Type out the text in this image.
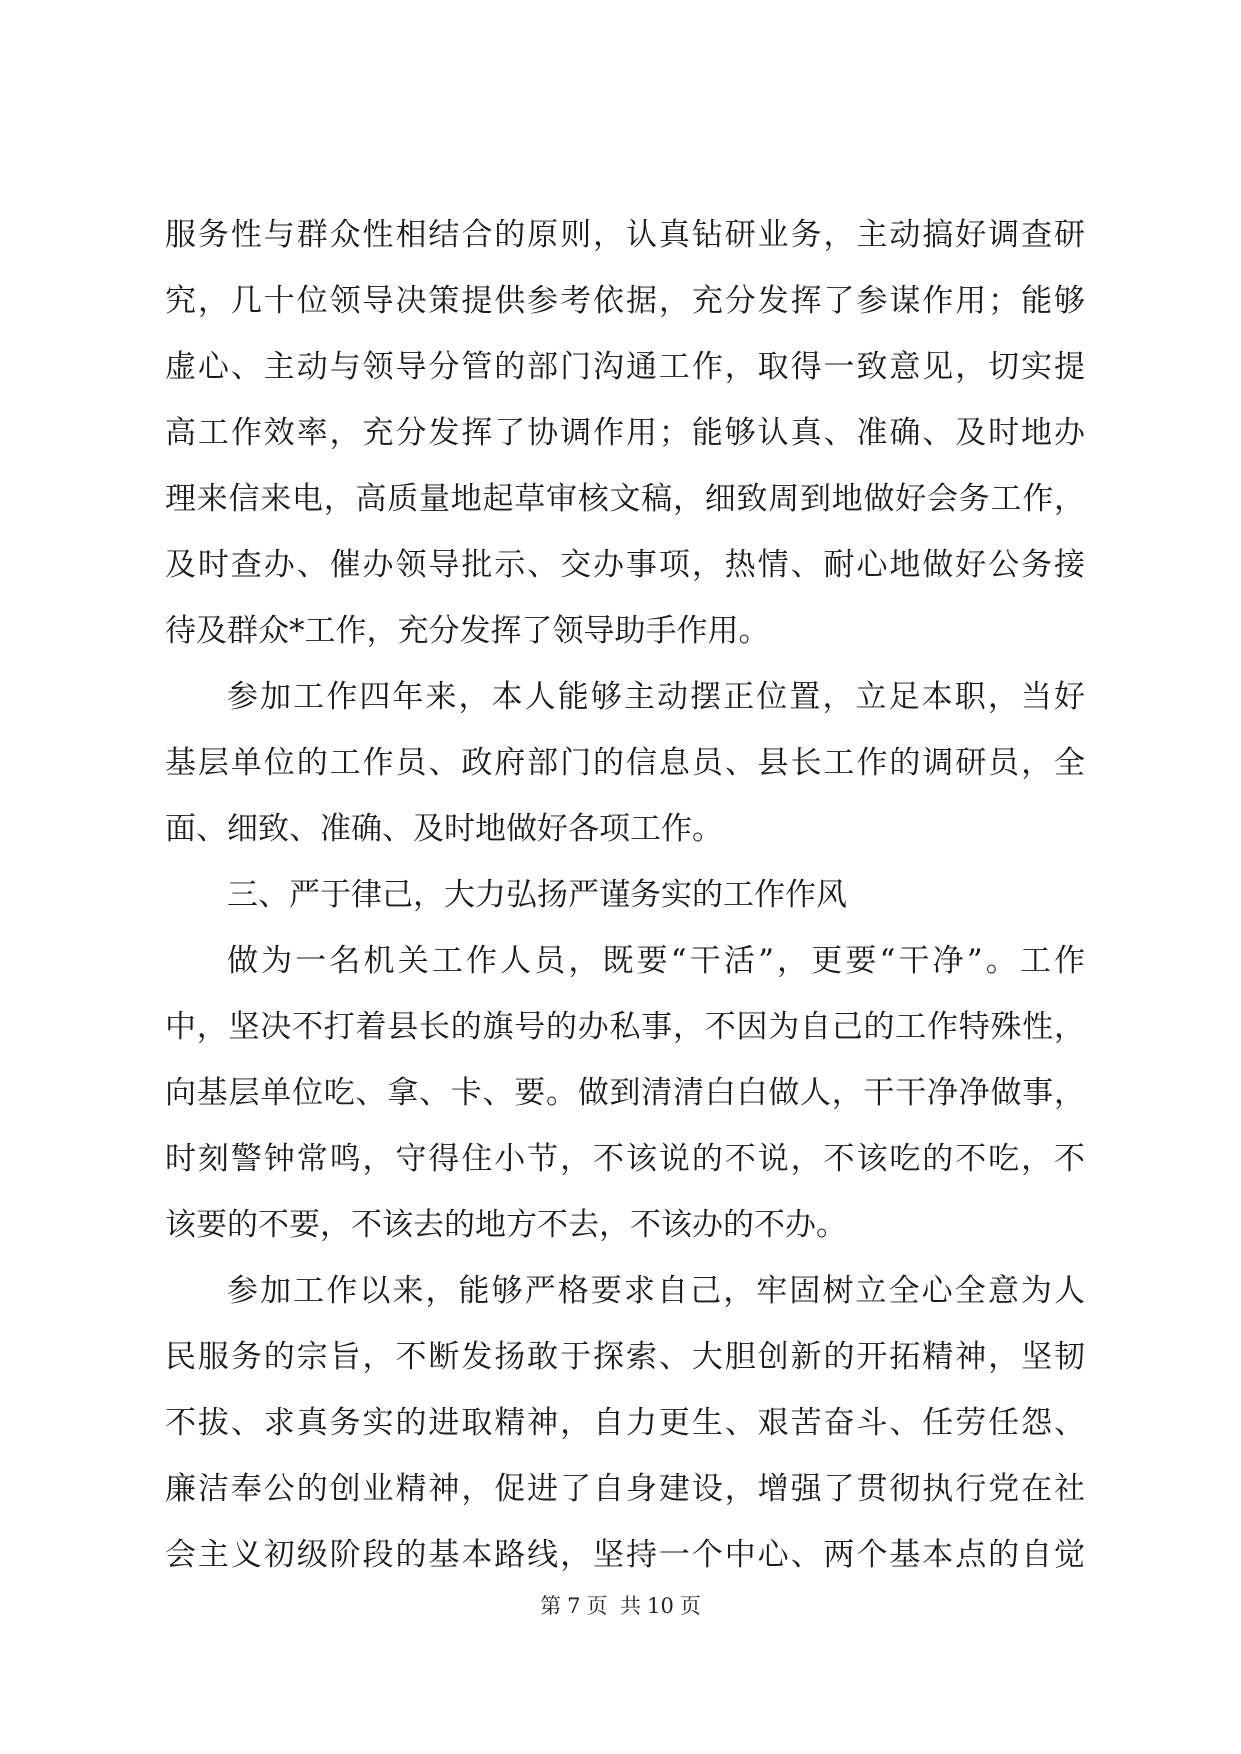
服务性与群众性相结合的原则，认真钻研业务，主动搞好调查研
究，几十位领导决策提供参考依据，充分发挥了参谋作用；能够
虚心、主动与领导分管的部门沟通工作，取得一致意见，切实提
高工作效率，充分发挥了协调作用；能够认真、准确、及时地办
理来信来电，高质量地起草审核文稿，细致周到地做好会务工作，
及时查办、催办领导批示、交办事项，热情、耐心地做好公务接
待及群众*工作，充分发挥了领导助手作用。
参加工作四年来，本人能够主动摆正位置，立足本职，当好
基层单位的工作员、政府部门的信息员、县长工作的调研员，全
面、细致、准确、及时地做好各项工作。
三、严于律己，大力弘扬严谨务实的工作作风
做为一名机关工作人员，既要“干活”，更要“干净”。工作
中，坚决不打着县长的旗号的办私事，不因为自己的工作特殊性，
向基层单位吃、拿、卡、要。做到清清白白做人，干干净净做事，
时刻警钟常鸣，守得住小节，不该说的不说，不该吃的不吃，不
该要的不要，不该去的地方不去，不该办的不办。
参加工作以来，能够严格要求自己，牢固树立全心全意为人
民服务的宗旨，不断发扬敢于探索、大胆创新的开拓精神，坚韧
不拔、求真务实的进取精神，自力更生、艰苦奋斗、任劳任怨、
廉洁奉公的创业精神，促进了自身建设，增强了贯彻执行党在社
会主义初级阶段的基本路线，坚持一个中心、两个基本点的自觉
第 7 页 共 10 页
